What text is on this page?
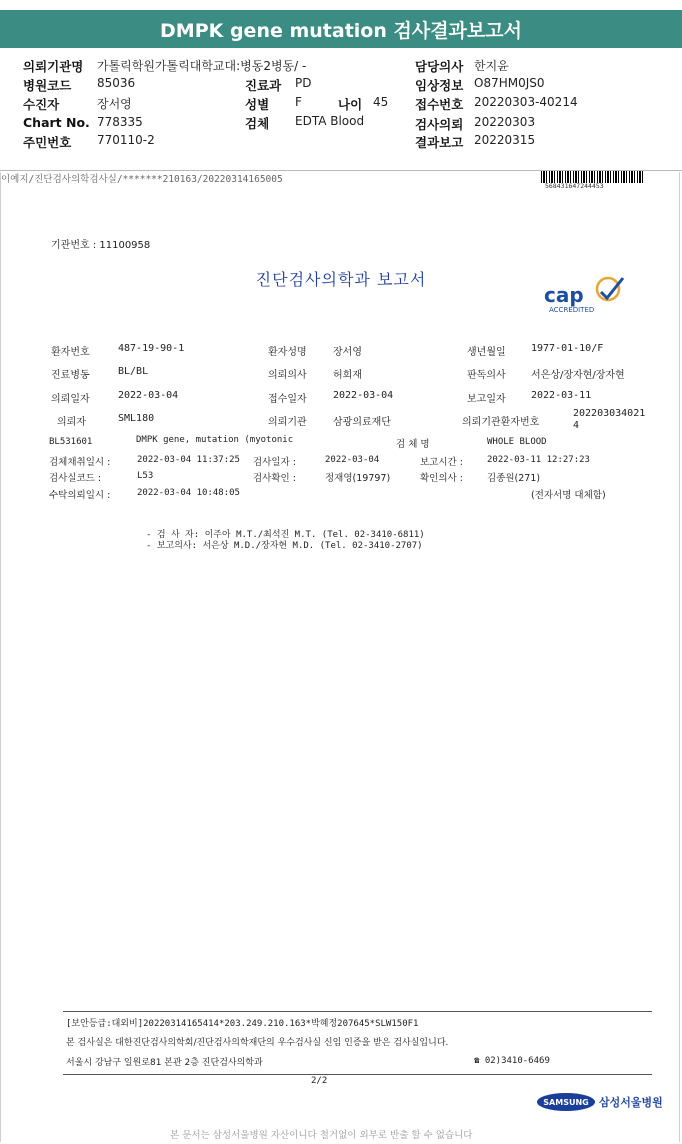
DMPK gene mutation 검사결과보고서
의뢰기관명 가톨릭학원가톨릭대학교대:병동2병동/ -	담당의사 한지윤
병원코드 85036	진료과 PD	임상정보 O87HM0JS0
수진자	장서영	성별 F	나이 45 접수번호 20220303-40214
Chart No. 778335	검체 EDTA Blood	검사의뢰 20220303
주민번호 770110-2	결과보고 20220315
이예지/진단검사의학검사실/*******210163/20220314165005
568431647244453
기관번호 : 11100958
진단검사의학과 보고서
cap
ACCREDITED
환자번호	487-19-90-1	환자성명	장서영	생년월일	1977-01-10/F
진료병동	BL/BL	의뢰의사	허희재	판독의사	서은상/장자현/장자현
의뢰일자	2022-03-04	접수일자	2022-03-04	보고일자	2022-03-11
의뢰자	SML180	의뢰기관	삼광의료재단	의뢰기관환자번호
202203034021
4
BL531601	DMPK gene, mutation (myotonic	검 체 명	WHOLE BLOOD
검체채취일시 :	2022-03-04 11:37:25 검사일자 :	2022-03-04	보고시간 :	2022-03-11 12:27:23
검사실코드 :	L53	검사확인 :	정재영(19797)	확인의사 :	김종원(271)
수탁의뢰일시 :	2022-03-04 10:48:05	(전자서명 대체함)
- 검 사 자: 이주아 M.T./최석진 M.T. (Tel. 02-3410-6811)
- 보고의사: 서은상 M.D./장자현 M.D. (Tel. 02-3410-2707)
[보안등급:대외비]20220314165414*203.249.210.163*박혜정207645*SLW150F1
본 검사실은 대한진단검사의학회/진단검사의학재단의 우수검사실 신임 인증을 받은 검사실입니다.
서울시 강남구 일원로81 본관 2층 진단검사의학과	☎ 02)3410-6469
2/2
SAMSUNG 삼성서울병원
본 문서는 삼성서울병원 자산이니다 철거없이 외부로 반출 할 수 없습니다
